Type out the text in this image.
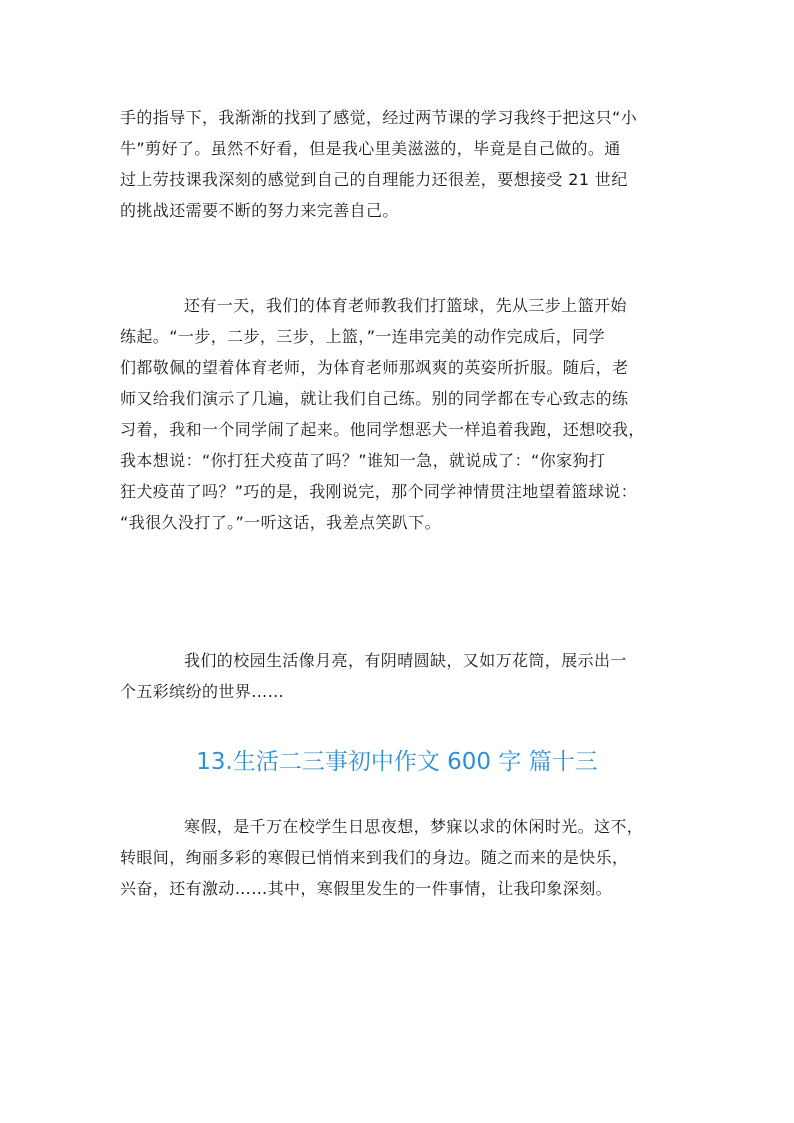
手的指导下，我渐渐的找到了感觉，经过两节课的学习我终于把这只“小
牛”剪好了。虽然不好看，但是我心里美滋滋的，毕竟是自己做的。通
过上劳技课我深刻的感觉到自己的自理能力还很差，要想接受 21 世纪
的挑战还需要不断的努力来完善自己。
还有一天，我们的体育老师教我们打篮球，先从三步上篮开始
练起。“一步，二步，三步，上篮，”一连串完美的动作完成后，同学
们都敬佩的望着体育老师，为体育老师那飒爽的英姿所折服。随后，老
师又给我们演示了几遍，就让我们自己练。别的同学都在专心致志的练
习着，我和一个同学闹了起来。他同学想恶犬一样追着我跑，还想咬我，
我本想说：“你打狂犬疫苗了吗？”谁知一急，就说成了：“你家狗打
狂犬疫苗了吗？”巧的是，我刚说完，那个同学神情贯注地望着篮球说：
“我很久没打了。”一听这话，我差点笑趴下。
我们的校园生活像月亮，有阴晴圆缺，又如万花筒，展示出一
个五彩缤纷的世界……
13.生活二三事初中作文 600 字 篇十三
寒假，是千万在校学生日思夜想，梦寐以求的休闲时光。这不，
转眼间，绚丽多彩的寒假已悄悄来到我们的身边。随之而来的是快乐，
兴奋，还有激动……其中，寒假里发生的一件事情，让我印象深刻。
